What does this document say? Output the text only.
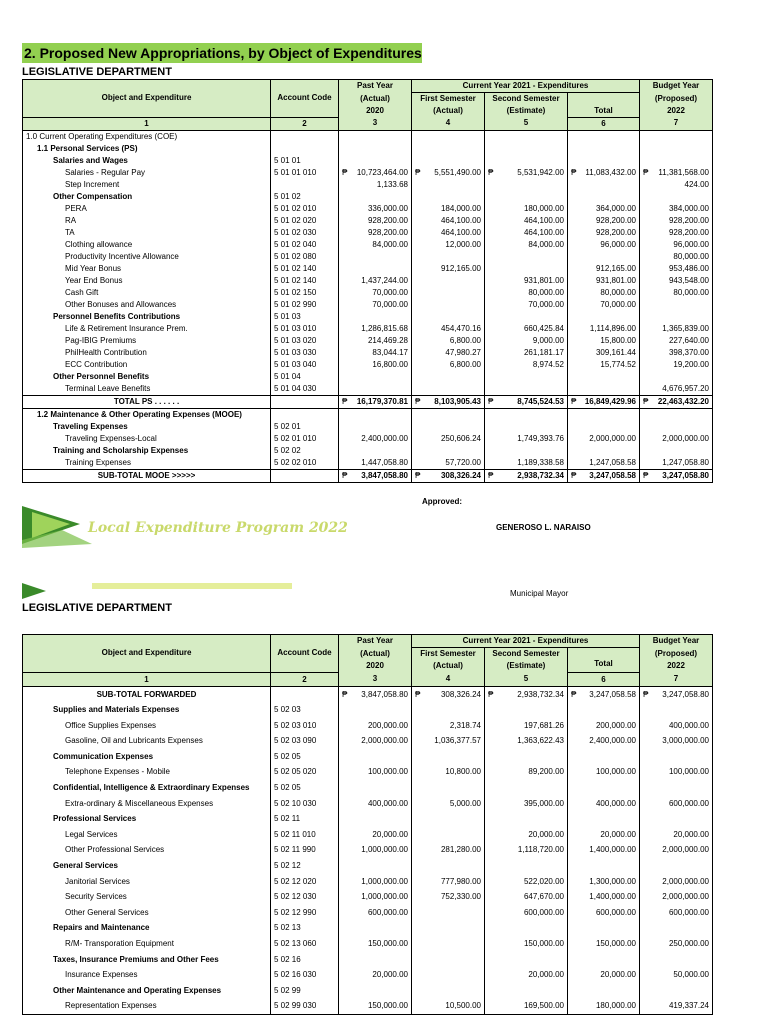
2. Proposed New Appropriations, by Object of Expenditures
LEGISLATIVE DEPARTMENT
Object and Expenditure	Account Code	Past Year	Current Year 2021 - Expenditures			Budget Year
		(Actual)	First Semester	Second Semester	Total	(Proposed)
		2020	(Actual)	(Estimate)		2022
1	2	3	4	5	6	7
1.0 Current Operating Expenditures (COE)						
1.1 Personal Services (PS)						
Salaries and Wages	5 01 01					
Salaries - Regular Pay	5 01 01 010	₱ 10,723,464.00	₱ 5,551,490.00	₱ 5,531,942.00	₱ 11,083,432.00	₱ 11,381,568.00
Step Increment		1,133.68				424.00
Other Compensation	5 01 02					
PERA	5 01 02 010	336,000.00	184,000.00	180,000.00	364,000.00	384,000.00
RA	5 01 02 020	928,200.00	464,100.00	464,100.00	928,200.00	928,200.00
TA	5 01 02 030	928,200.00	464,100.00	464,100.00	928,200.00	928,200.00
Clothing allowance	5 01 02 040	84,000.00	12,000.00	84,000.00	96,000.00	96,000.00
Productivity Incentive Allowance	5 01 02 080					80,000.00
Mid Year Bonus	5 01 02 140		912,165.00		912,165.00	953,486.00
Year End Bonus	5 01 02 140	1,437,244.00		931,801.00	931,801.00	943,548.00
Cash Gift	5 01 02 150	70,000.00		80,000.00	80,000.00	80,000.00
Other Bonuses and Allowances	5 01 02 990	70,000.00		70,000.00	70,000.00	
Personnel Benefits Contributions	5 01 03					
Life & Retirement Insurance Prem.	5 01 03 010	1,286,815.68	454,470.16	660,425.84	1,114,896.00	1,365,839.00
Pag-IBIG Premiums	5 01 03 020	214,469.28	6,800.00	9,000.00	15,800.00	227,640.00
PhilHealth Contribution	5 01 03 030	83,044.17	47,980.27	261,181.17	309,161.44	398,370.00
ECC Contribution	5 01 03 040	16,800.00	6,800.00	8,974.52	15,774.52	19,200.00
Other Personnel Benefits	5 01 04					
Terminal Leave Benefits	5 01 04 030					4,676,957.20
TOTAL PS . . . . . .		₱ 16,179,370.81	₱ 8,103,905.43	₱ 8,745,524.53	₱ 16,849,429.96	₱ 22,463,432.20
1.2 Maintenance & Other Operating Expenses (MOOE)						
Traveling Expenses	5 02 01					
Traveling Expenses-Local	5 02 01 010	2,400,000.00	250,606.24	1,749,393.76	2,000,000.00	2,000,000.00
Training and Scholarship Expenses	5 02 02					
Training Expenses	5 02 02 010	1,447,058.80	57,720.00	1,189,338.58	1,247,058.58	1,247,058.80
SUB-TOTAL MOOE >>>>>		₱ 3,847,058.80	₱ 308,326.24	₱ 2,938,732.34	₱ 3,247,058.58	₱ 3,247,058.80
Approved:
Local Expenditure Program 2022	GENEROSO L. NARAISO
Municipal Mayor
LEGISLATIVE DEPARTMENT
Object and Expenditure	Account Code	Past Year	Current Year 2021 - Expenditures			Budget Year
		(Actual)	First Semester	Second Semester	Total	(Proposed)
		2020	(Actual)	(Estimate)		2022
1	2	3	4	5	6	7
SUB-TOTAL FORWARDED		₱ 3,847,058.80	₱ 308,326.24	₱ 2,938,732.34	₱ 3,247,058.58	₱ 3,247,058.80
Supplies and Materials Expenses	5 02 03					
Office Supplies Expenses	5 02 03 010	200,000.00	2,318.74	197,681.26	200,000.00	400,000.00
Gasoline, Oil and Lubricants Expenses	5 02 03 090	2,000,000.00	1,036,377.57	1,363,622.43	2,400,000.00	3,000,000.00
Communication Expenses	5 02 05					
Telephone Expenses - Mobile	5 02 05 020	100,000.00	10,800.00	89,200.00	100,000.00	100,000.00
Confidential, Intelligence & Extraordinary Expenses	5 02 05					
Extra-ordinary & Miscellaneous Expenses	5 02 10 030	400,000.00	5,000.00	395,000.00	400,000.00	600,000.00
Professional Services	5 02 11					
Legal Services	5 02 11 010	20,000.00		20,000.00	20,000.00	20,000.00
Other Professional Services	5 02 11 990	1,000,000.00	281,280.00	1,118,720.00	1,400,000.00	2,000,000.00
General Services	5 02 12					
Janitorial Services	5 02 12 020	1,000,000.00	777,980.00	522,020.00	1,300,000.00	2,000,000.00
Security Services	5 02 12 030	1,000,000.00	752,330.00	647,670.00	1,400,000.00	2,000,000.00
Other General Services	5 02 12 990	600,000.00		600,000.00	600,000.00	600,000.00
Repairs and Maintenance	5 02 13					
R/M- Transporation Equipment	5 02 13 060	150,000.00		150,000.00	150,000.00	250,000.00
Taxes, Insurance Premiums and Other Fees	5 02 16					
Insurance Expenses	5 02 16 030	20,000.00		20,000.00	20,000.00	50,000.00
Other Maintenance and Operating Expenses	5 02 99					
Representation Expenses	5 02 99 030	150,000.00	10,500.00	169,500.00	180,000.00	419,337.24
